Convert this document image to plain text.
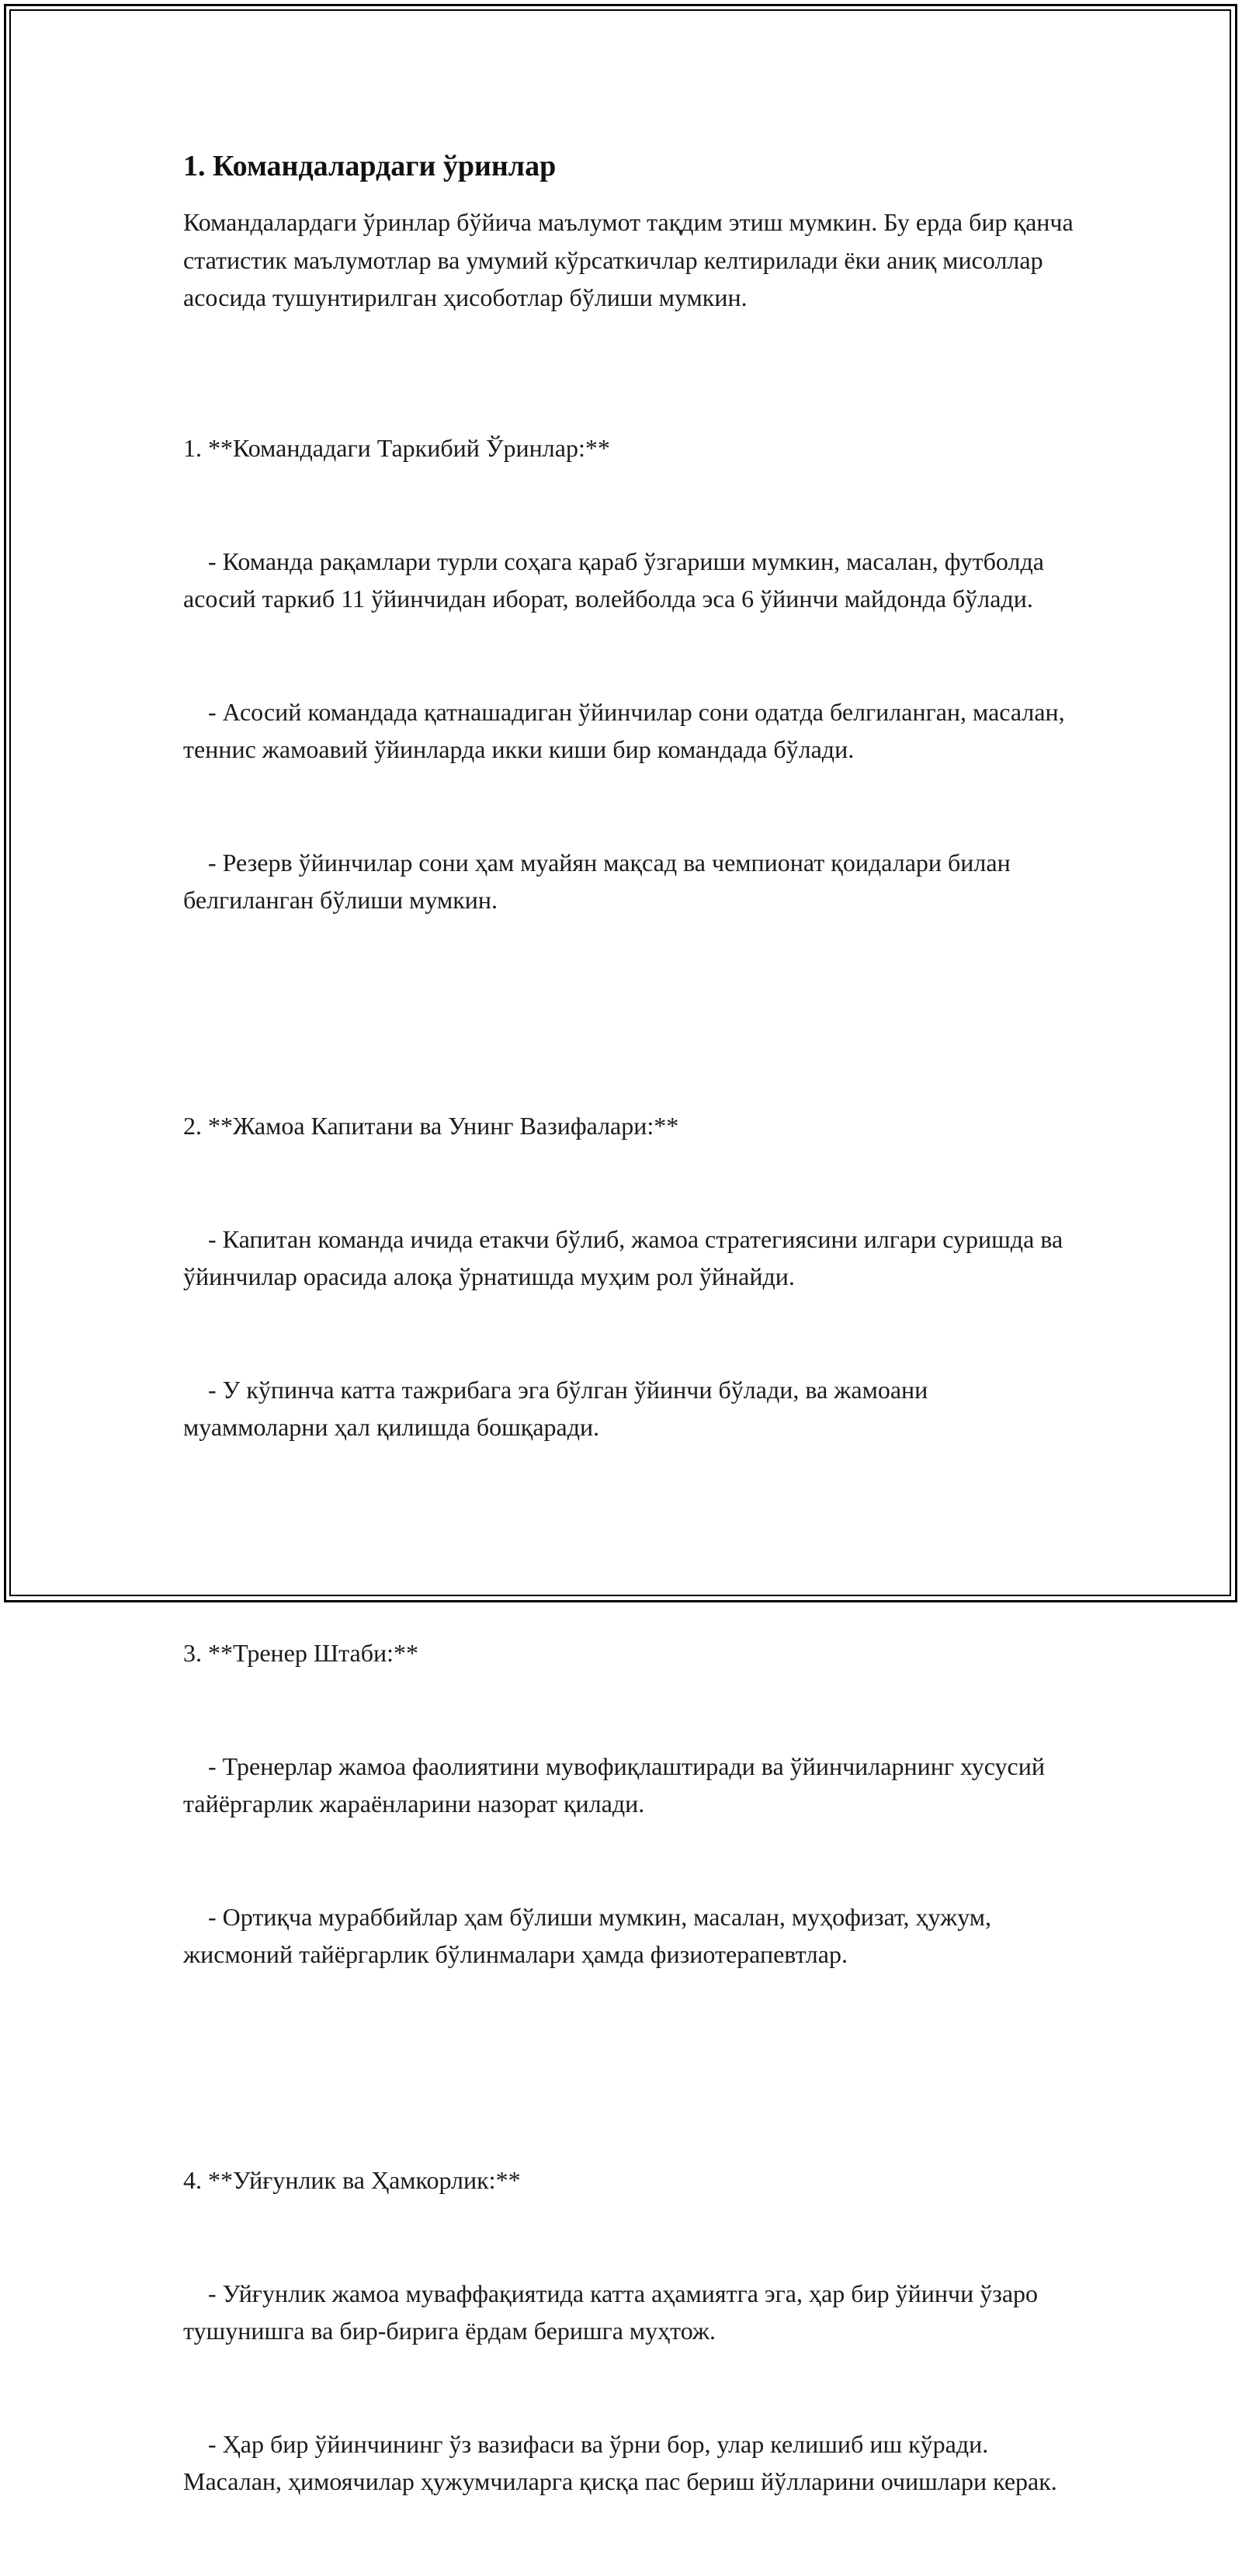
1. Командалардаги ўринлар

Командалардаги ўринлар бўйича маълумот тақдим этиш мумкин. Бу ерда бир қанча статистик маълумотлар ва умумий кўрсаткичлар келтирилади ёки аниқ мисоллар асосида тушунтирилган ҳисоботлар бўлиши мумкин.

1. **Командадаги Таркибий Ўринлар:**

- Команда рақамлари турли соҳага қараб ўзгариши мумкин, масалан, футболда асосий таркиб 11 ўйинчидан иборат, волейболда эса 6 ўйинчи майдонда бўлади.

- Асосий командада қатнашадиган ўйинчилар сони одатда белгиланган, масалан, теннис жамоавий ўйинларда икки киши бир командада бўлади.

- Резерв ўйинчилар сони ҳам муайян мақсад ва чемпионат қоидалари билан белгиланган бўлиши мумкин.

2. **Жамоа Капитани ва Унинг Вазифалари:**

- Капитан команда ичида етакчи бўлиб, жамоа стратегиясини илгари суришда ва ўйинчилар орасида алоқа ўрнатишда муҳим рол ўйнайди.

- У кўпинча катта тажрибага эга бўлган ўйинчи бўлади, ва жамоани муаммоларни ҳал қилишда бошқаради.

3. **Тренер Штаби:**

- Тренерлар жамоа фаолиятини мувофиқлаштиради ва ўйинчиларнинг хусусий тайёргарлик жараёнларини назорат қилади.

- Ортиқча мураббийлар ҳам бўлиши мумкин, масалан, муҳофизат, ҳужум, жисмоний тайёргарлик бўлинмалари ҳамда физиотерапевтлар.

4. **Уйғунлик ва Ҳамкорлик:**

- Уйғунлик жамоа муваффақиятида катта аҳамиятга эга, ҳар бир ўйинчи ўзаро тушунишга ва бир-бирига ёрдам беришга муҳтож.

- Ҳар бир ўйинчининг ўз вазифаси ва ўрни бор, улар келишиб иш кўради. Масалан, ҳимоячилар ҳужумчиларга қисқа пас бериш йўлларини очишлари керак.
